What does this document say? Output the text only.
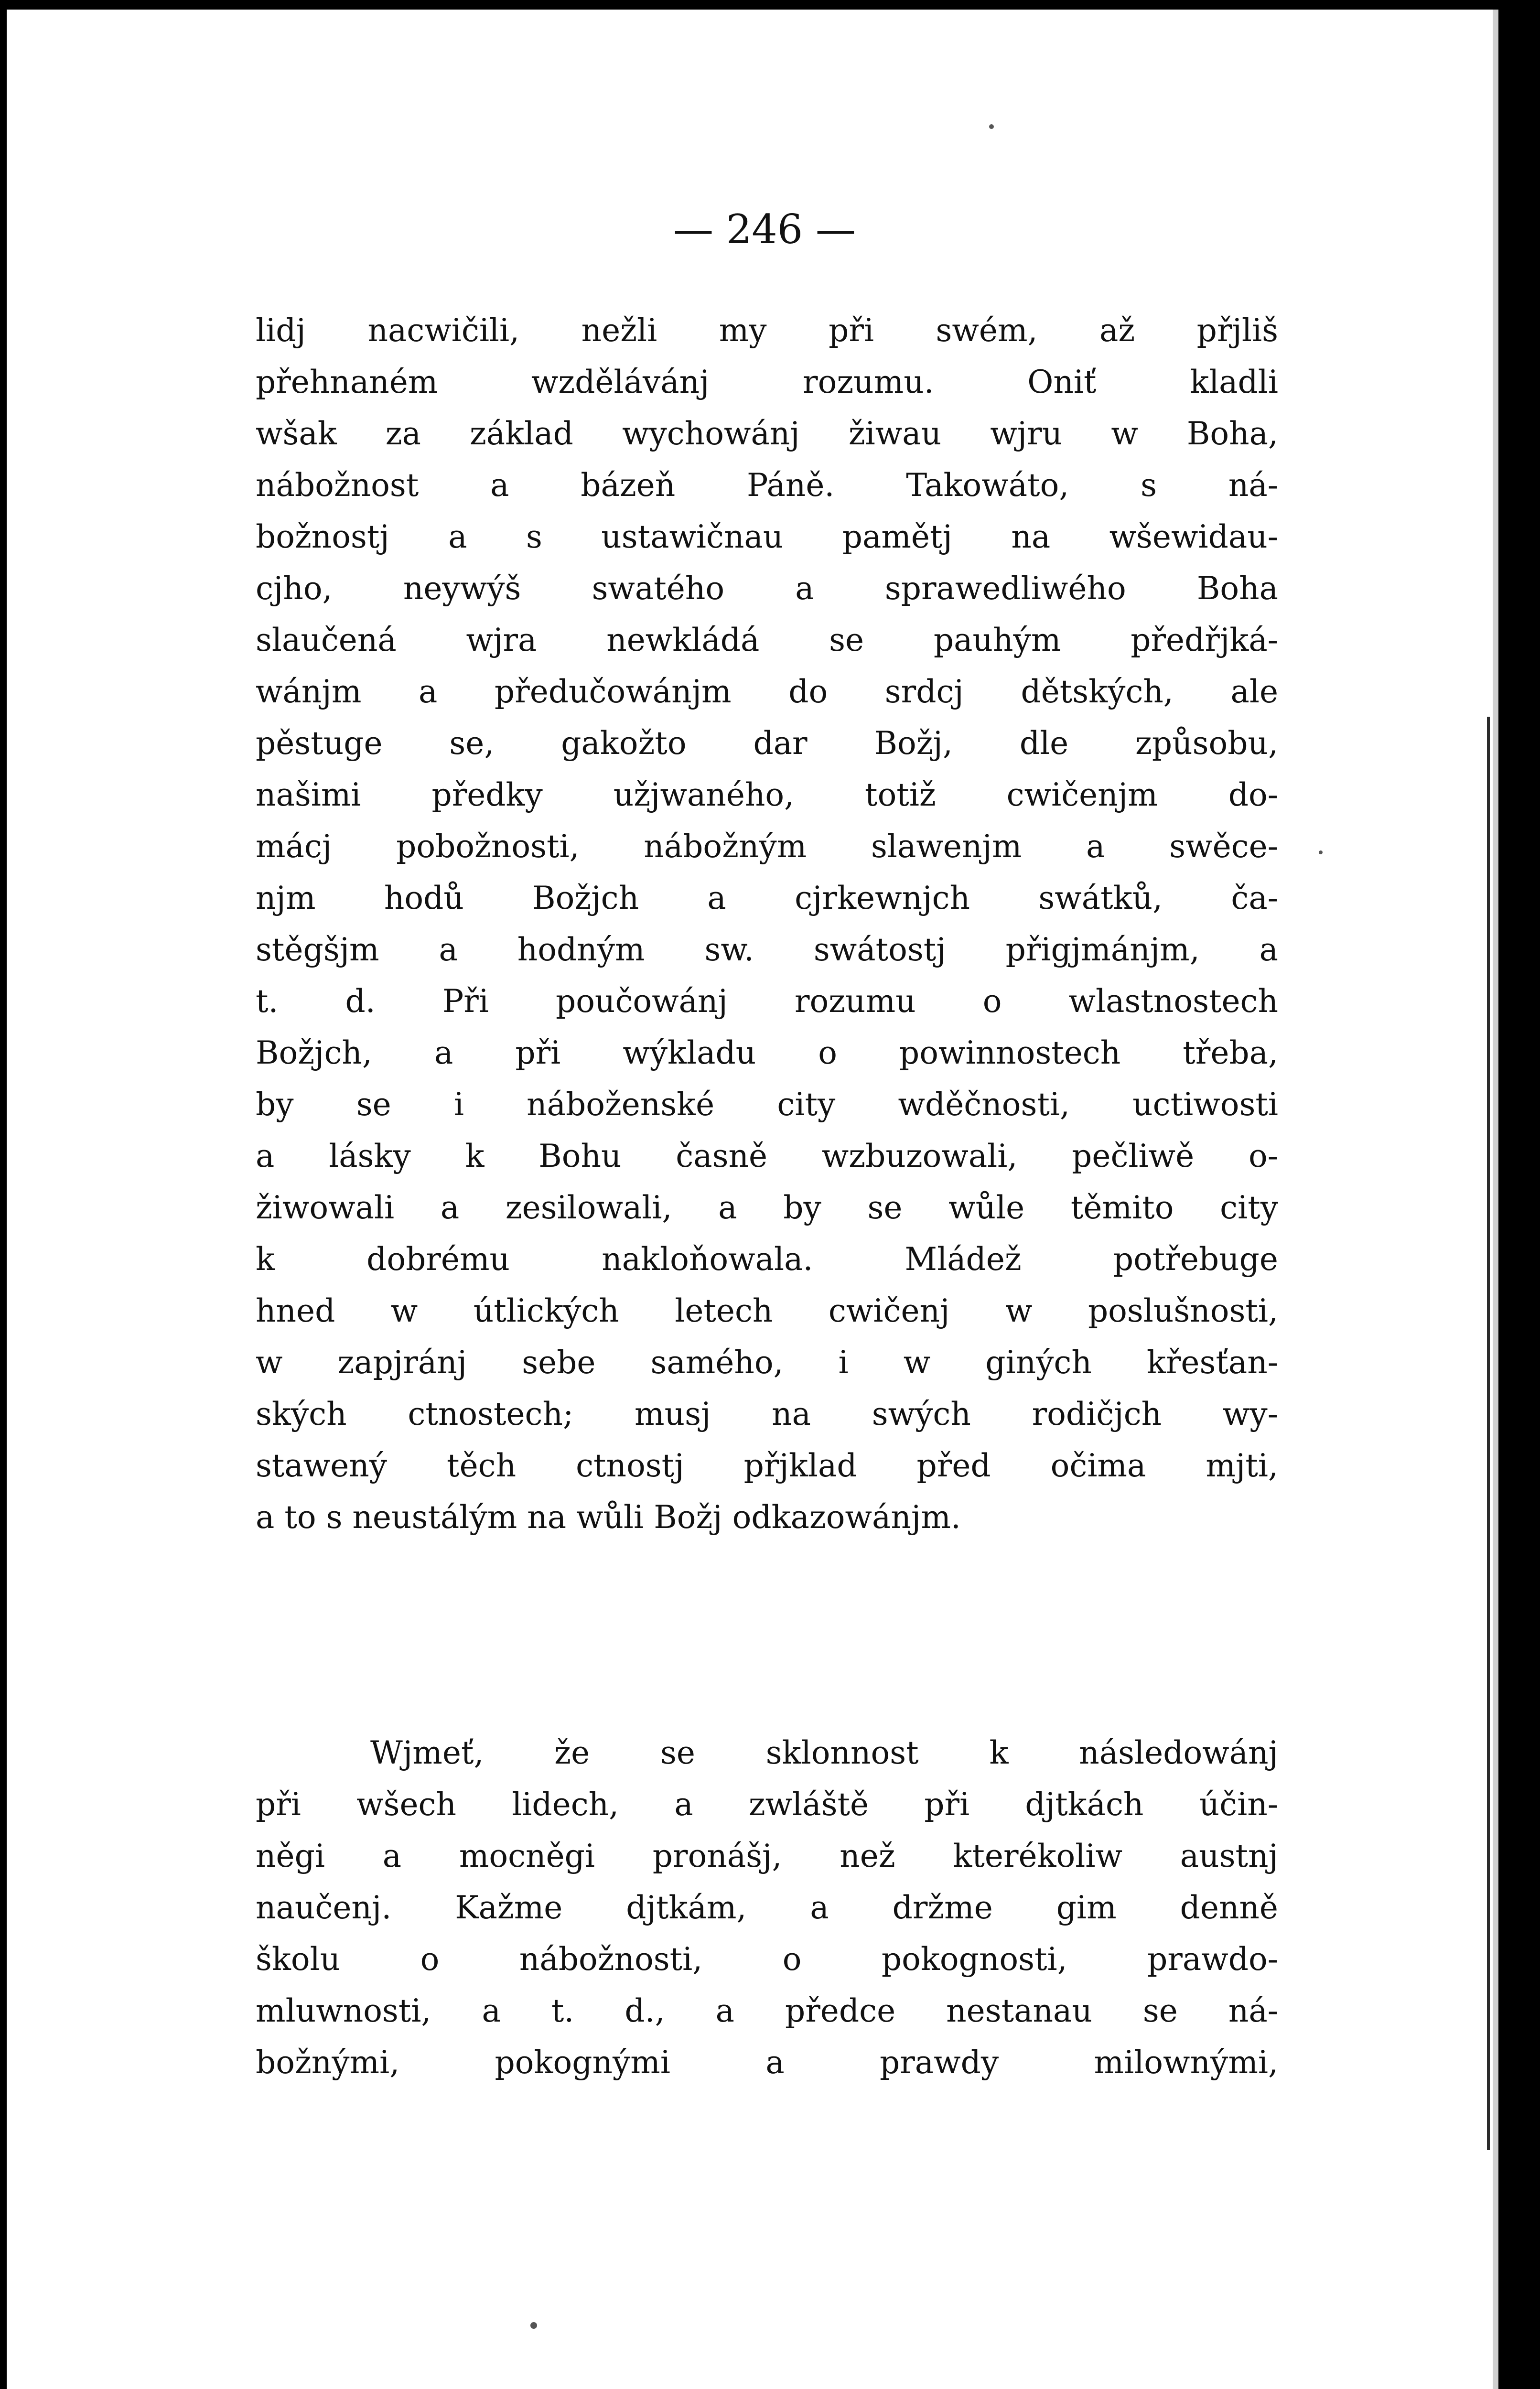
— 246 —
lidj nacwičili, nežli my při swém, až přjliš
přehnaném wzdělávánj rozumu. Oniť kladli
wšak za základ wychowánj žiwau wjru w Boha,
nábožnost a bázeň Páně. Takowáto, s ná-
božnostj a s ustawičnau pamětj na wšewidau-
cjho, neywýš swatého a sprawedliwého Boha
slaučená wjra newkládá se pauhým předřjká-
wánjm a předučowánjm do srdcj dětských, ale
pěstuge se, gakožto dar Božj, dle způsobu,
našimi předky užjwaného, totiž cwičenjm do-
mácj pobožnosti, nábožným slawenjm a swěce-
njm hodů Božjch a cjrkewnjch swátků, ča-
stěgšjm a hodným sw. swátostj přigjmánjm, a
t. d. Při poučowánj rozumu o wlastnostech
Božjch, a při wýkladu o powinnostech třeba,
by se i náboženské city wděčnosti, uctiwosti
a lásky k Bohu časně wzbuzowali, pečliwě o-
žiwowali a zesilowali, a by se wůle těmito city
k dobrému nakloňowala. Mládež potřebuge
hned w útlických letech cwičenj w poslušnosti,
w zapjránj sebe samého, i w giných křesťan-
ských ctnostech; musj na swých rodičjch wy-
stawený těch ctnostj přjklad před očima mjti,
a to s neustálým na wůli Božj odkazowánjm.
Wjmeť, že se sklonnost k následowánj
při wšech lidech, a zwláště při djtkách účin-
něgi a mocněgi pronášj, než kterékoliw austnj
naučenj. Kažme djtkám, a držme gim denně
školu o nábožnosti, o pokognosti, prawdo-
mluwnosti, a t. d., a předce nestanau se ná-
božnými, pokognými a prawdy milownými,
